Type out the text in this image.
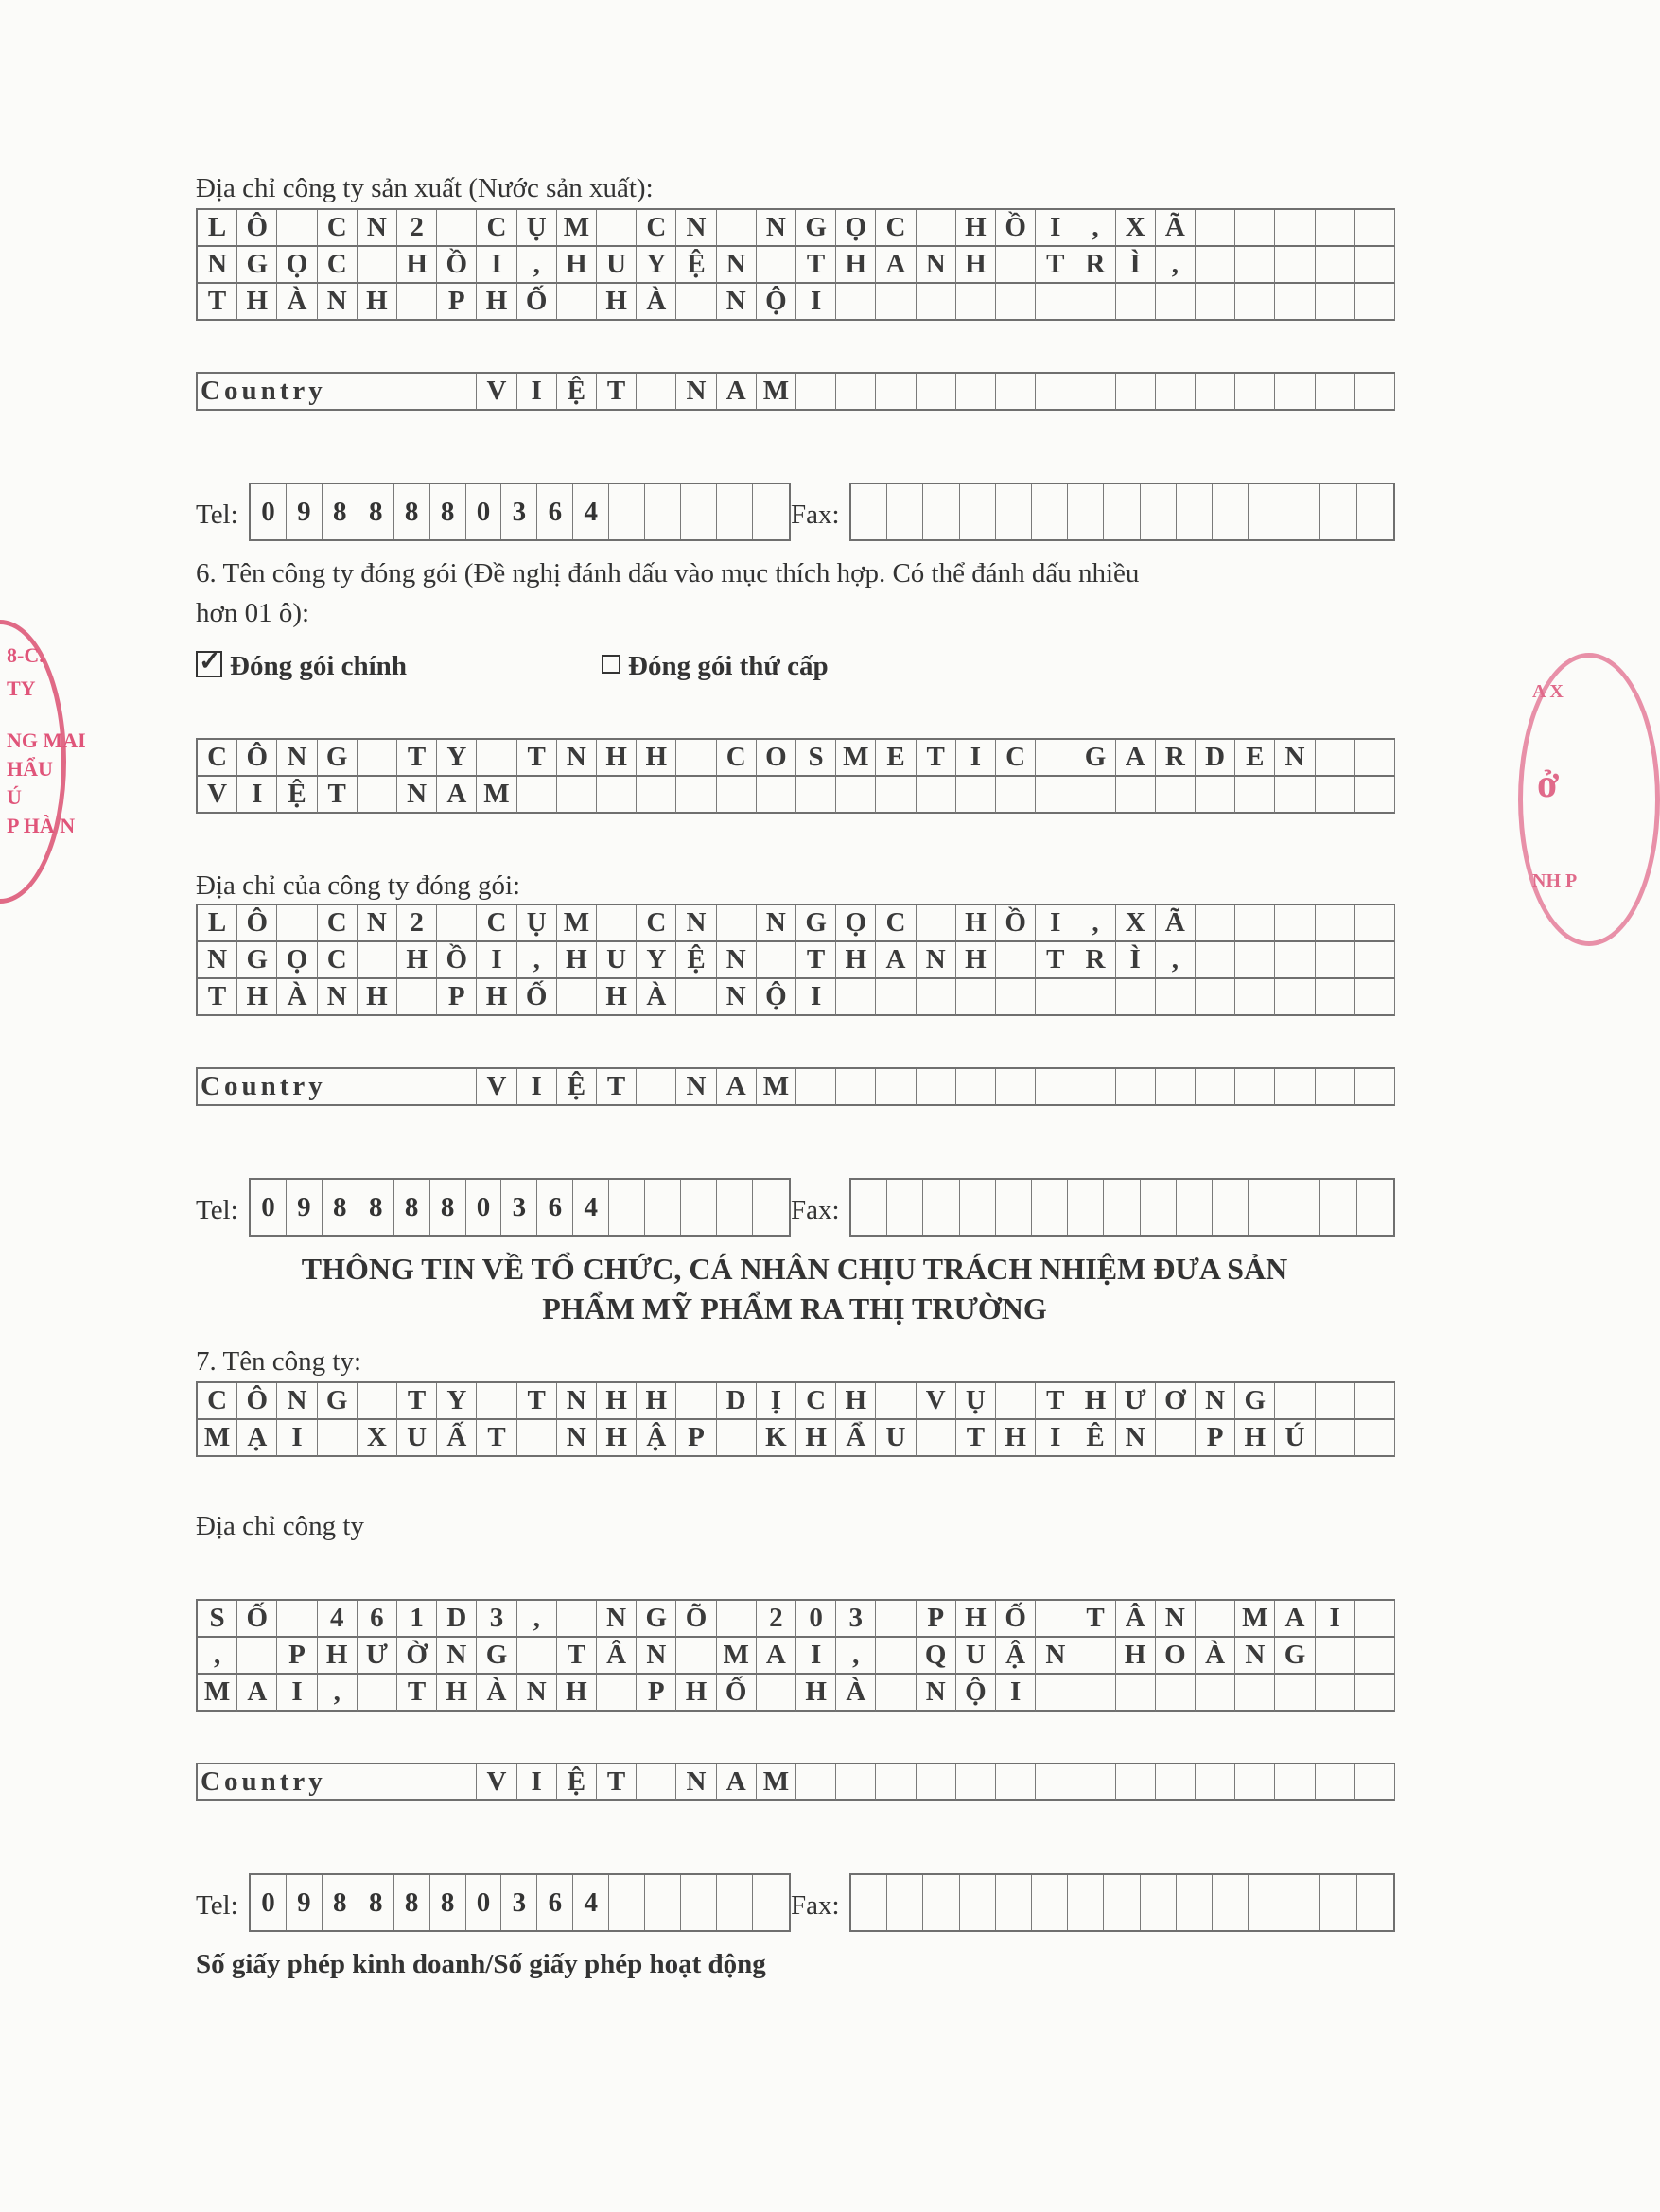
8-C.
TY
NG MAI
HẨU
Ú
P HÀ N
A X
ở
NH P
Địa chỉ công ty sản xuất (Nước sản xuất):
L Ô	C N 2	C Ụ M	C N	N G Ọ C	H Ồ I	, X Ã
N G Ọ C	H Ồ I	, H U Y Ệ N	T H A N H	T R Ì	,
T H À N H	P H Ố	H À	N Ộ I
Country	V I Ệ T	N A M
Tel: 0 9 8 8 8 8 0 3 6 4	Fax:
6. Tên công ty đóng gói (Đề nghị đánh dấu vào mục thích hợp. Có thể đánh dấu nhiều
hơn 01 ô):
✓Đóng gói chính	Đóng gói thứ cấp
C Ô N G	T Y	T N H H	C O S M E T I C	G A R D E N
V I Ệ T	N A M
Địa chỉ của công ty đóng gói:
L Ô	C N 2	C Ụ M	C N	N G Ọ C	H Ồ I	, X Ã
N G Ọ C	H Ồ I	, H U Y Ệ N	T H A N H	T R Ì	,
T H À N H	P H Ố	H À	N Ộ I
Country	V I Ệ T	N A M
Tel: 0 9 8 8 8 8 0 3 6 4	Fax:
THÔNG TIN VỀ TỔ CHỨC, CÁ NHÂN CHỊU TRÁCH NHIỆM ĐƯA SẢN
PHẨM MỸ PHẨM RA THỊ TRƯỜNG
7. Tên công ty:
C Ô N G	T Y	T N H H	D Ị C H	V Ụ	T H Ư Ơ N G
M Ạ I	X U Ấ T	N H Ậ P	K H Ẩ U	T H I Ê N	P H Ú
Địa chỉ công ty
S Ố	4 6 1 D 3	,	N G Õ	2 0 3	P H Ố	T Â N	M A I
,	P H Ư Ờ N G	T Â N	M A I	,	Q U Ậ N	H O À N G
M A I	,	T H À N H	P H Ố	H À	N Ộ I
Country	V I Ệ T	N A M
Tel: 0 9 8 8 8 8 0 3 6 4	Fax:
Số giấy phép kinh doanh/Số giấy phép hoạt động
